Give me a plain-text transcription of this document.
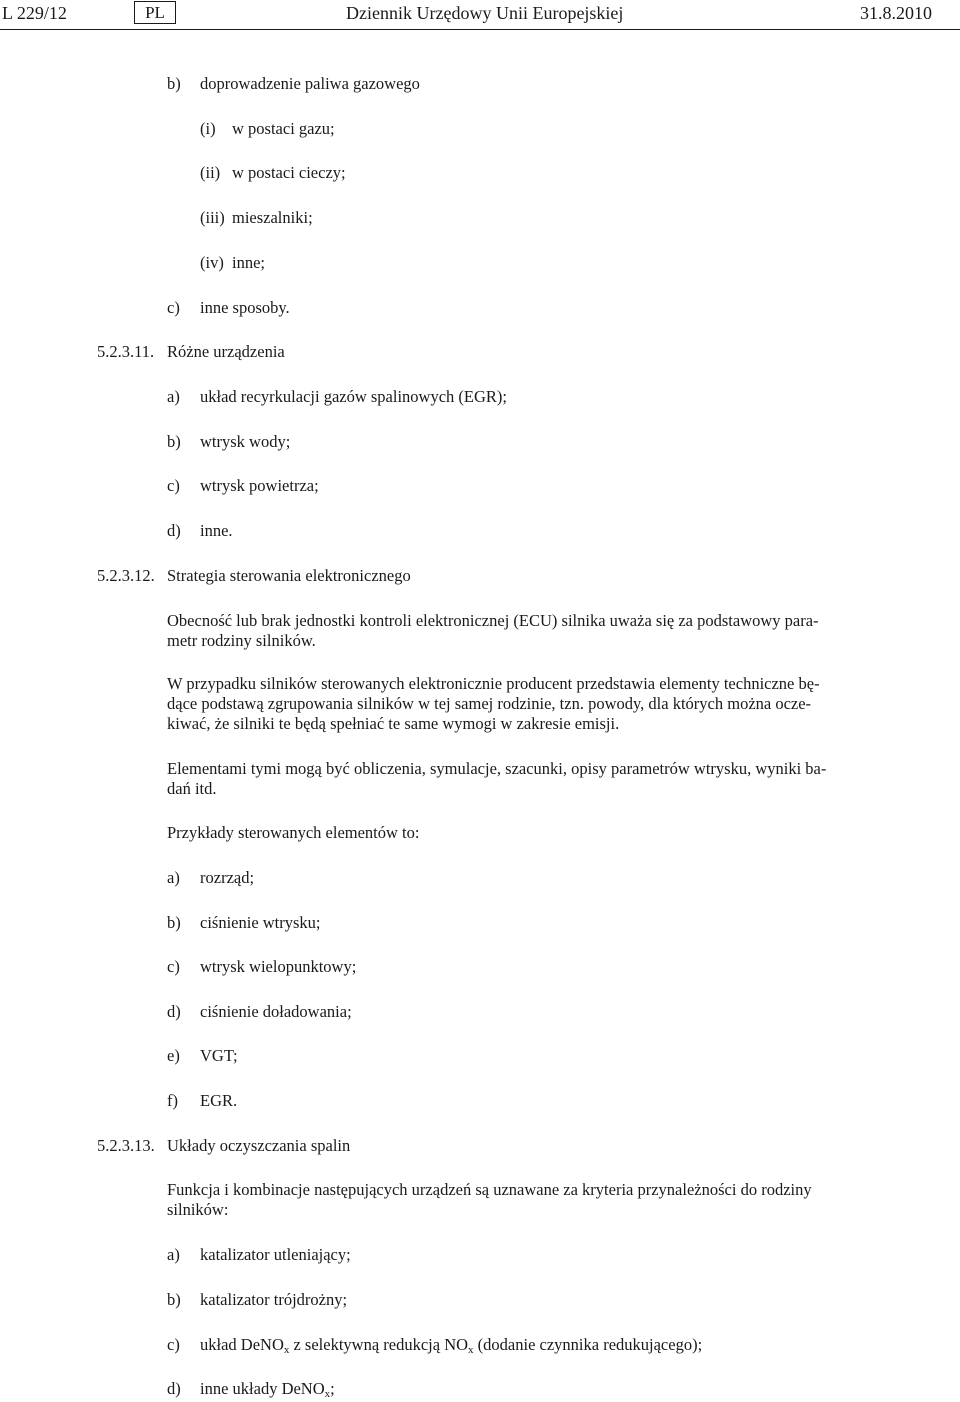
L 229/12	PL	Dziennik Urzędowy Unii Europejskiej	31.8.2010
b) doprowadzenie paliwa gazowego
(i) w postaci gazu;
(ii) w postaci cieczy;
(iii) mieszalniki;
(iv) inne;
c) inne sposoby.
5.2.3.11. Różne urządzenia
a) układ recyrkulacji gazów spalinowych (EGR);
b) wtrysk wody;
c) wtrysk powietrza;
d) inne.
5.2.3.12. Strategia sterowania elektronicznego
Obecność lub brak jednostki kontroli elektronicznej (ECU) silnika uważa się za podstawowy para-
metr rodziny silników.
W przypadku silników sterowanych elektronicznie producent przedstawia elementy techniczne bę-
dące podstawą zgrupowania silników w tej samej rodzinie, tzn. powody, dla których można ocze-
kiwać, że silniki te będą spełniać te same wymogi w zakresie emisji.
Elementami tymi mogą być obliczenia, symulacje, szacunki, opisy parametrów wtrysku, wyniki ba-
dań itd.
Przykłady sterowanych elementów to:
a) rozrząd;
b) ciśnienie wtrysku;
c) wtrysk wielopunktowy;
d) ciśnienie doładowania;
e) VGT;
f) EGR.
5.2.3.13. Układy oczyszczania spalin
Funkcja i kombinacje następujących urządzeń są uznawane za kryteria przynależności do rodziny
silników:
a) katalizator utleniający;
b) katalizator trójdrożny;
c) układ DeNO$_x$ z selektywną redukcją $NO_x$ (dodanie czynnika redukującego);
d) inne układy DeNO$_x$;
